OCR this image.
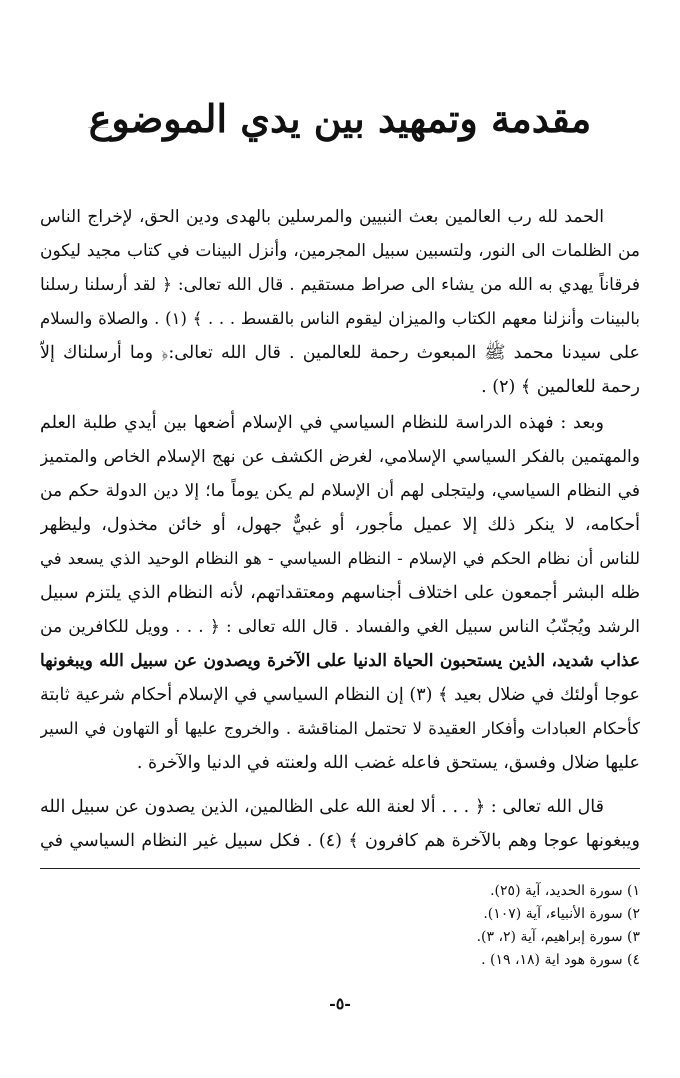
مقدمة وتمهيد بين يدي الموضوع
الحمد لله رب العالمين بعث النبيين والمرسلين بالهدى ودين الحق، لإخراج الناس
من الظلمات الى النور، ولتسبين سبيل المجرمين، وأنزل البينات في كتاب مجيد ليكون
فرقاناً يهدي به الله من يشاء الى صراط مستقيم . قال الله تعالى: ﴿ لقد أرسلنا رسلنا
بالبينات وأنزلنا معهم الكتاب والميزان ليقوم الناس بالقسط . . . ﴾ (١) . والصلاة والسلام
على سيدنا محمد ﷺ المبعوث رحمة للعالمين . قال الله تعالى:﴿ وما أرسلناك إلاّ
رحمة للعالمين ﴾ (٢) .
وبعد : فهذه الدراسة للنظام السياسي في الإسلام أضعها بين أيدي طلبة العلم
والمهتمين بالفكر السياسي الإسلامي، لغرض الكشف عن نهج الإسلام الخاص والمتميز
في النظام السياسي، وليتجلى لهم أن الإسلام لم يكن يوماً ما؛ إلا دين الدولة حكم من
أحكامه، لا ينكر ذلك إلا عميل مأجور، أو غبيٌّ جهول، أو خائن مخذول، وليظهر
للناس أن نظام الحكم في الإسلام - النظام السياسي - هو النظام الوحيد الذي يسعد في
ظله البشر أجمعون على اختلاف أجناسهم ومعتقداتهم، لأنه النظام الذي يلتزم سبيل
الرشد ويُجنّبُ الناس سبيل الغي والفساد . قال الله تعالى : ﴿ . . . وويل للكافرين من
عذاب شديد، الذين يستحبون الحياة الدنيا على الآخرة ويصدون عن سبيل الله ويبغونها
عوجا أولئك في ضلال بعيد ﴾ (٣) إن النظام السياسي في الإسلام أحكام شرعية ثابتة
كأحكام العبادات وأفكار العقيدة لا تحتمل المناقشة . والخروج عليها أو التهاون في السير
عليها ضلال وفسق، يستحق فاعله غضب الله ولعنته في الدنيا والآخرة .
قال الله تعالى : ﴿ . . . ألا لعنة الله على الظالمين، الذين يصدون عن سبيل الله
ويبغونها عوجا وهم بالآخرة هم كافرون ﴾ (٤) . فكل سبيل غير النظام السياسي في
١) سورة الحديد، آية (٢٥).
٢) سورة الأنبياء، آية (١٠٧).
٣) سورة إبراهيم، آية (٢، ٣).
٤) سورة هود اية (١٨، ١٩) .
-٥-
